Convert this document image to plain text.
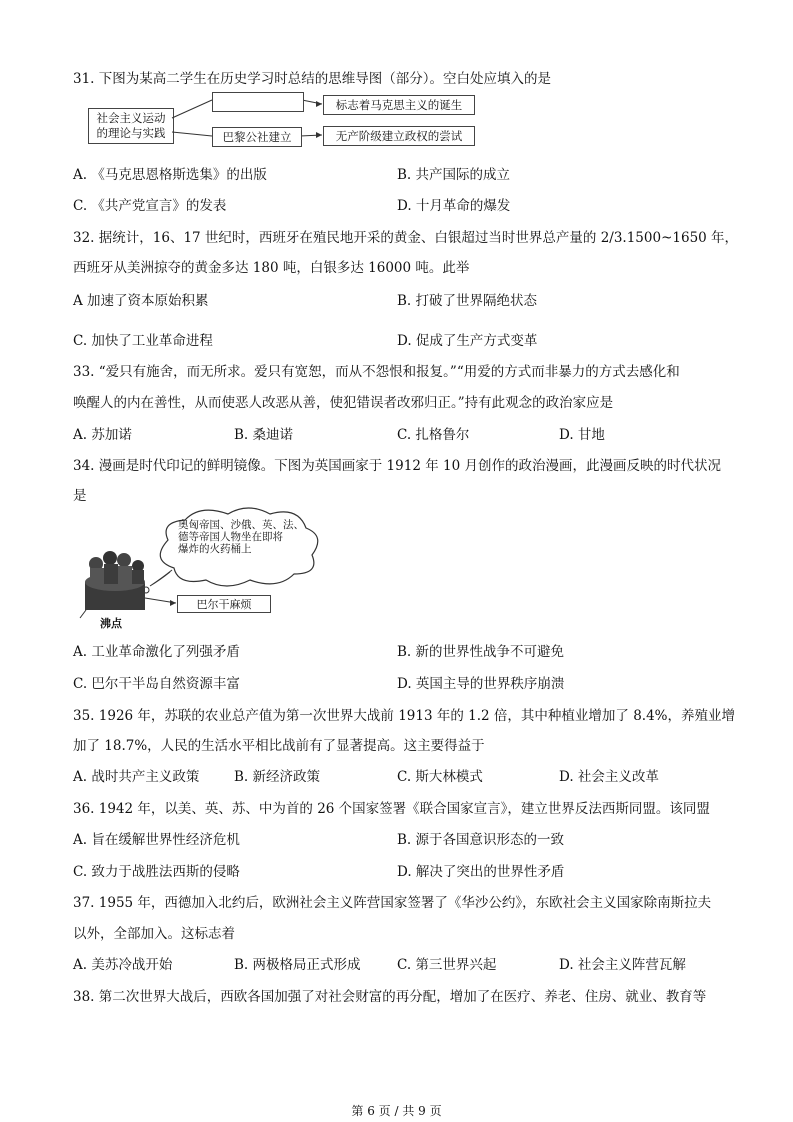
31. 下图为某高二学生在历史学习时总结的思维导图（部分）。空白处应填入的是
社会主义运动
的理论与实践
标志着马克思主义的诞生
巴黎公社建立	无产阶级建立政权的尝试
A. 《马克思恩格斯选集》的出版	B. 共产国际的成立
C. 《共产党宣言》的发表	D. 十月革命的爆发
32. 据统计，16、17 世纪时，西班牙在殖民地开采的黄金、白银超过当时世界总产量的 2/3.1500~1650 年，
西班牙从美洲掠夺的黄金多达 180 吨，白银多达 16000 吨。此举
A 加速了资本原始积累	B. 打破了世界隔绝状态
C. 加快了工业革命进程	D. 促成了生产方式变革
33. “爱只有施舍，而无所求。爱只有宽恕，而从不怨恨和报复。”“用爱的方式而非暴力的方式去感化和
唤醒人的内在善性，从而使恶人改恶从善，使犯错误者改邪归正。”持有此观念的政治家应是
A. 苏加诺	B. 桑迪诺	C. 扎格鲁尔	D. 甘地
34. 漫画是时代印记的鲜明镜像。下图为英国画家于 1912 年 10 月创作的政治漫画，此漫画反映的时代状况
是
奥匈帝国、沙俄、英、法、
德等帝国人物坐在即将
爆炸的火药桶上
巴尔干麻烦
沸点
A. 工业革命激化了列强矛盾	B. 新的世界性战争不可避免
C. 巴尔干半岛自然资源丰富	D. 英国主导的世界秩序崩溃
35. 1926 年，苏联的农业总产值为第一次世界大战前 1913 年的 1.2 倍，其中种植业增加了 8.4%，养殖业增
加了 18.7%，人民的生活水平相比战前有了显著提高。这主要得益于
A. 战时共产主义政策	B. 新经济政策	C. 斯大林模式	D. 社会主义改革
36. 1942 年，以美、英、苏、中为首的 26 个国家签署《联合国家宣言》，建立世界反法西斯同盟。该同盟
A. 旨在缓解世界性经济危机	B. 源于各国意识形态的一致
C. 致力于战胜法西斯的侵略	D. 解决了突出的世界性矛盾
37. 1955 年，西德加入北约后，欧洲社会主义阵营国家签署了《华沙公约》，东欧社会主义国家除南斯拉夫
以外，全部加入。这标志着
A. 美苏冷战开始	B. 两极格局正式形成	C. 第三世界兴起	D. 社会主义阵营瓦解
38. 第二次世界大战后，西欧各国加强了对社会财富的再分配，增加了在医疗、养老、住房、就业、教育等
第 6 页 / 共 9 页
